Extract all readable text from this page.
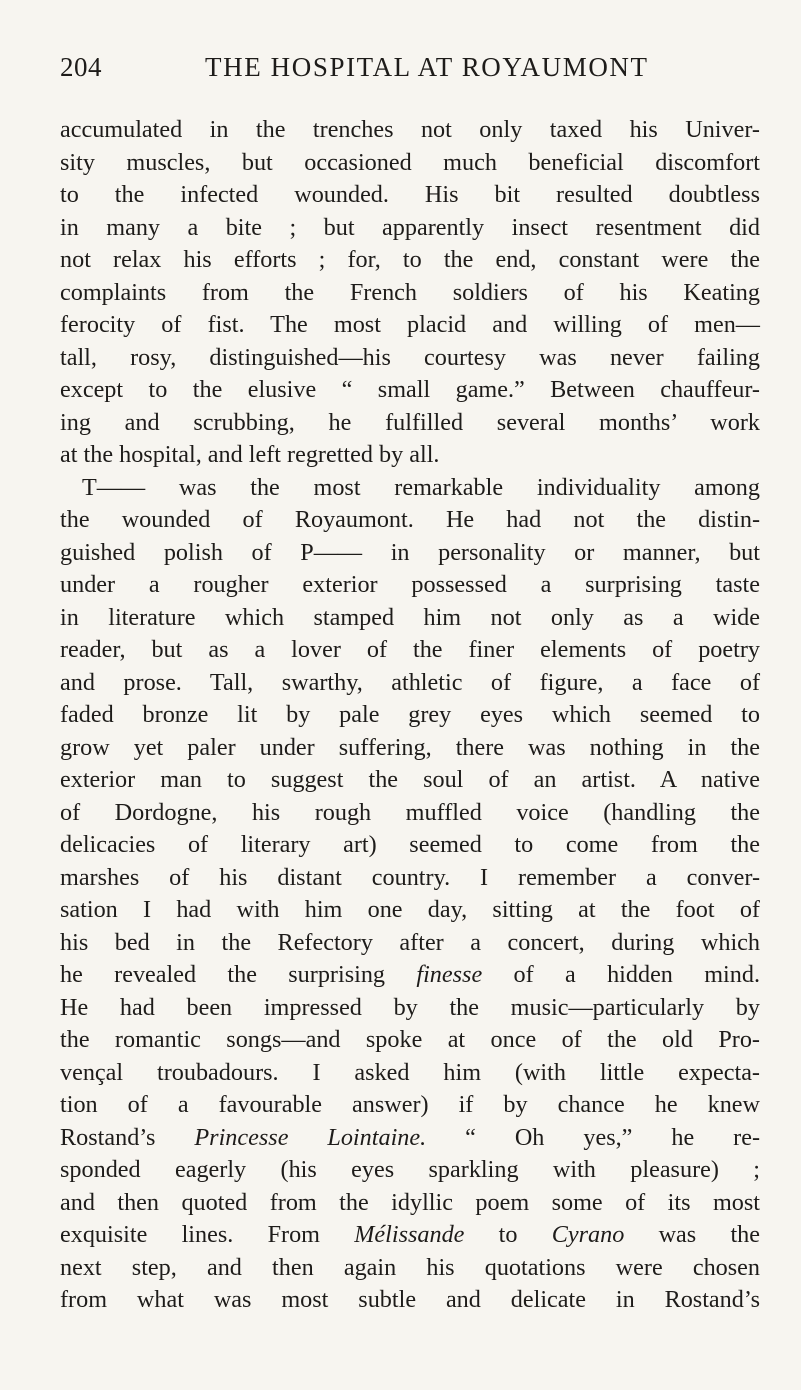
204	THE HOSPITAL AT ROYAUMONT
accumulated in the trenches not only taxed his Univer-
sity muscles, but occasioned much beneficial discomfort
to the infected wounded. His bit resulted doubtless
in many a bite ; but apparently insect resentment did
not relax his efforts ; for, to the end, constant were the
complaints from the French soldiers of his Keating
ferocity of fist. The most placid and willing of men—
tall, rosy, distinguished—his courtesy was never failing
except to the elusive “ small game.” Between chauffeur-
ing and scrubbing, he fulfilled several months’ work
at the hospital, and left regretted by all.
T—— was the most remarkable individuality among
the wounded of Royaumont. He had not the distin-
guished polish of P—— in personality or manner, but
under a rougher exterior possessed a surprising taste
in literature which stamped him not only as a wide
reader, but as a lover of the finer elements of poetry
and prose. Tall, swarthy, athletic of figure, a face of
faded bronze lit by pale grey eyes which seemed to
grow yet paler under suffering, there was nothing in the
exterior man to suggest the soul of an artist. A native
of Dordogne, his rough muffled voice (handling the
delicacies of literary art) seemed to come from the
marshes of his distant country. I remember a conver-
sation I had with him one day, sitting at the foot of
his bed in the Refectory after a concert, during which
he revealed the surprising finesse of a hidden mind.
He had been impressed by the music—particularly by
the romantic songs—and spoke at once of the old Pro-
vençal troubadours. I asked him (with little expecta-
tion of a favourable answer) if by chance he knew
Rostand’s Princesse Lointaine. “ Oh yes,” he re-
sponded eagerly (his eyes sparkling with pleasure) ;
and then quoted from the idyllic poem some of its most
exquisite lines. From Mélissande to Cyrano was the
next step, and then again his quotations were chosen
from what was most subtle and delicate in Rostand’s
